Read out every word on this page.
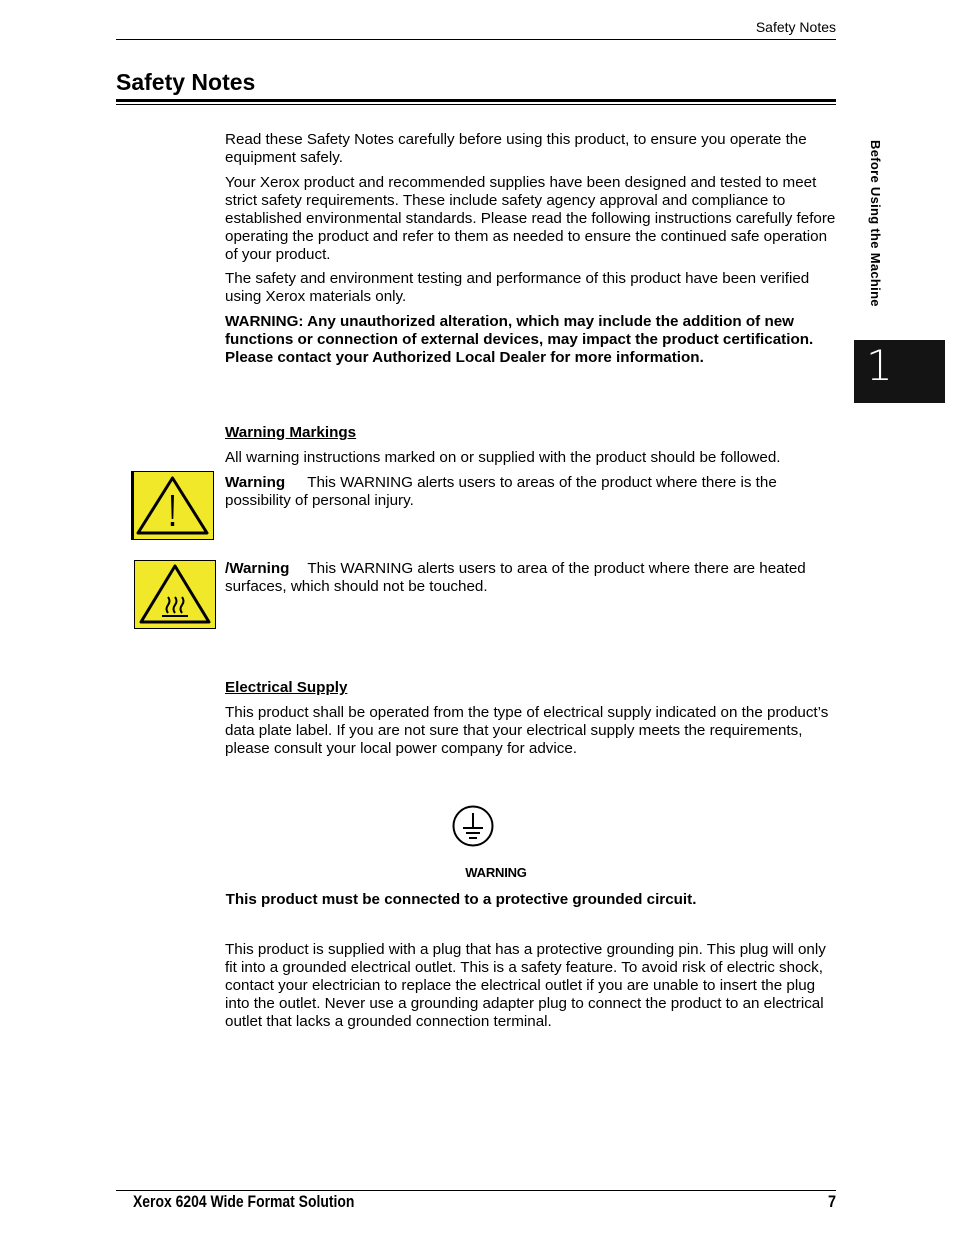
Safety Notes
Safety Notes
Before Using the Machine
1

Read these Safety Notes carefully before using this product, to ensure you operate the equipment safely.

Your Xerox product and recommended supplies have been designed and tested to meet strict safety requirements. These include safety agency approval and compliance to established environmental standards. Please read the following instructions carefully fefore operating the product and refer to them as needed to ensure the continued safe operation of your product.

The safety and environment testing and performance of this product have been verified using Xerox materials only.

WARNING: Any unauthorized alteration, which may include the addition of new functions or connection of external devices, may impact the product certification. Please contact your Authorized Local Dealer for more information.

Warning Markings

All warning instructions marked on or supplied with the product should be followed.

Warning This WARNING alerts users to areas of the product where there is the possibility of personal injury.

/Warning This WARNING alerts users to area of the product where there are heated surfaces, which should not be touched.

Electrical Supply

This product shall be operated from the type of electrical supply indicated on the product’s data plate label. If you are not sure that your electrical supply meets the requirements, please consult your local power company for advice.

WARNING
This product must be connected to a protective grounded circuit.

This product is supplied with a plug that has a protective grounding pin. This plug will only fit into a grounded electrical outlet. This is a safety feature. To avoid risk of electric shock, contact your electrician to replace the electrical outlet if you are unable to insert the plug into the outlet. Never use a grounding adapter plug to connect the product to an electrical outlet that lacks a grounded connection terminal.

Xerox 6204 Wide Format Solution	7
